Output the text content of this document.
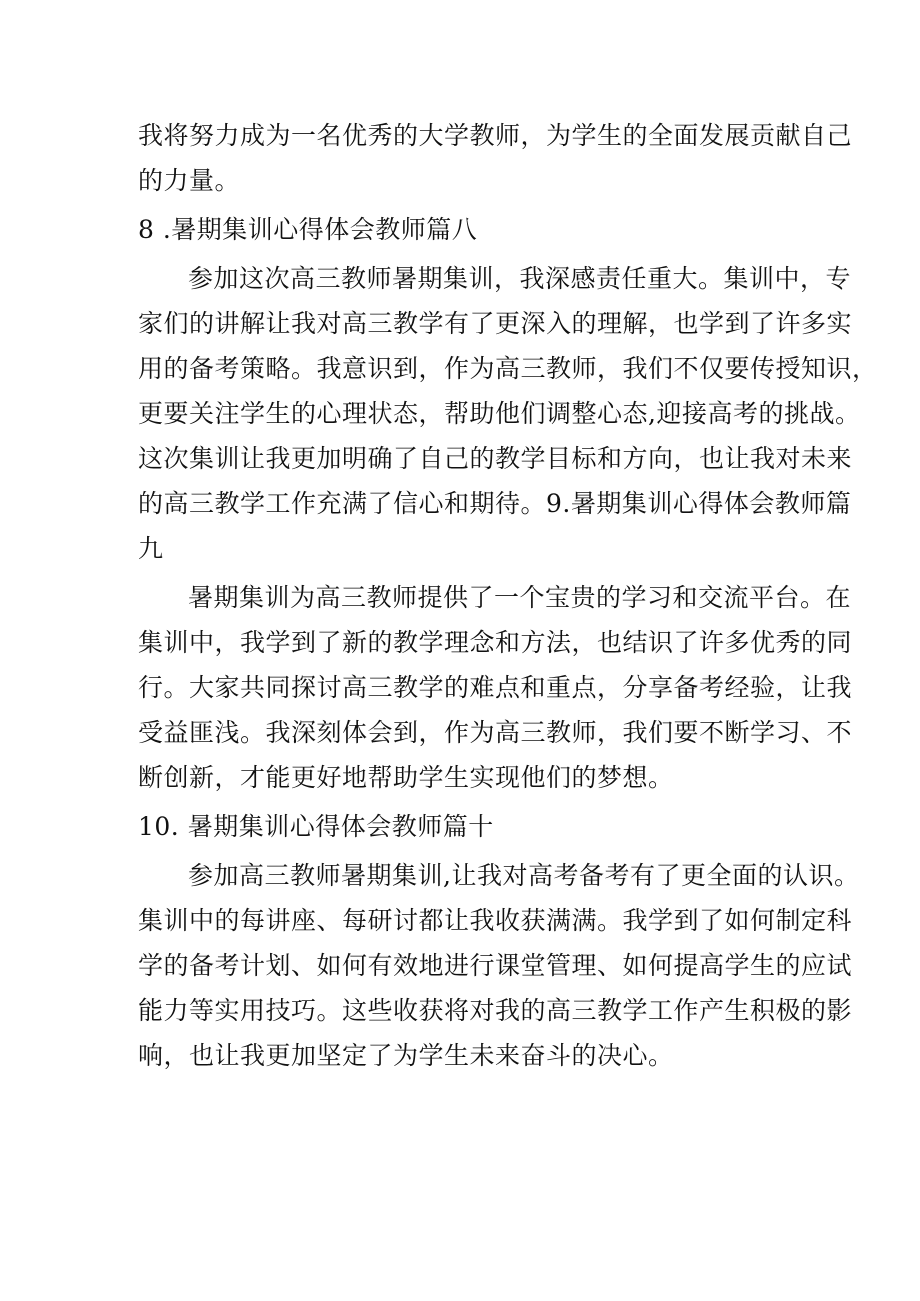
我将努力成为一名优秀的大学教师，为学生的全面发展贡献自己

的力量。

8 .暑期集训心得体会教师篇八

参加这次高三教师暑期集训，我深感责任重大。集训中，专

家们的讲解让我对高三教学有了更深入的理解，也学到了许多实

用的备考策略。我意识到，作为高三教师，我们不仅要传授知识，

更要关注学生的心理状态，帮助他们调整心态,迎接高考的挑战。

这次集训让我更加明确了自己的教学目标和方向，也让我对未来

的高三教学工作充满了信心和期待。9.暑期集训心得体会教师篇

九

暑期集训为高三教师提供了一个宝贵的学习和交流平台。在

集训中，我学到了新的教学理念和方法，也结识了许多优秀的同

行。大家共同探讨高三教学的难点和重点，分享备考经验，让我

受益匪浅。我深刻体会到，作为高三教师，我们要不断学习、不

断创新，才能更好地帮助学生实现他们的梦想。

10. 暑期集训心得体会教师篇十

参加高三教师暑期集训,让我对高考备考有了更全面的认识。

集训中的每讲座、每研讨都让我收获满满。我学到了如何制定科

学的备考计划、如何有效地进行课堂管理、如何提高学生的应试

能力等实用技巧。这些收获将对我的高三教学工作产生积极的影

响，也让我更加坚定了为学生未来奋斗的决心。
